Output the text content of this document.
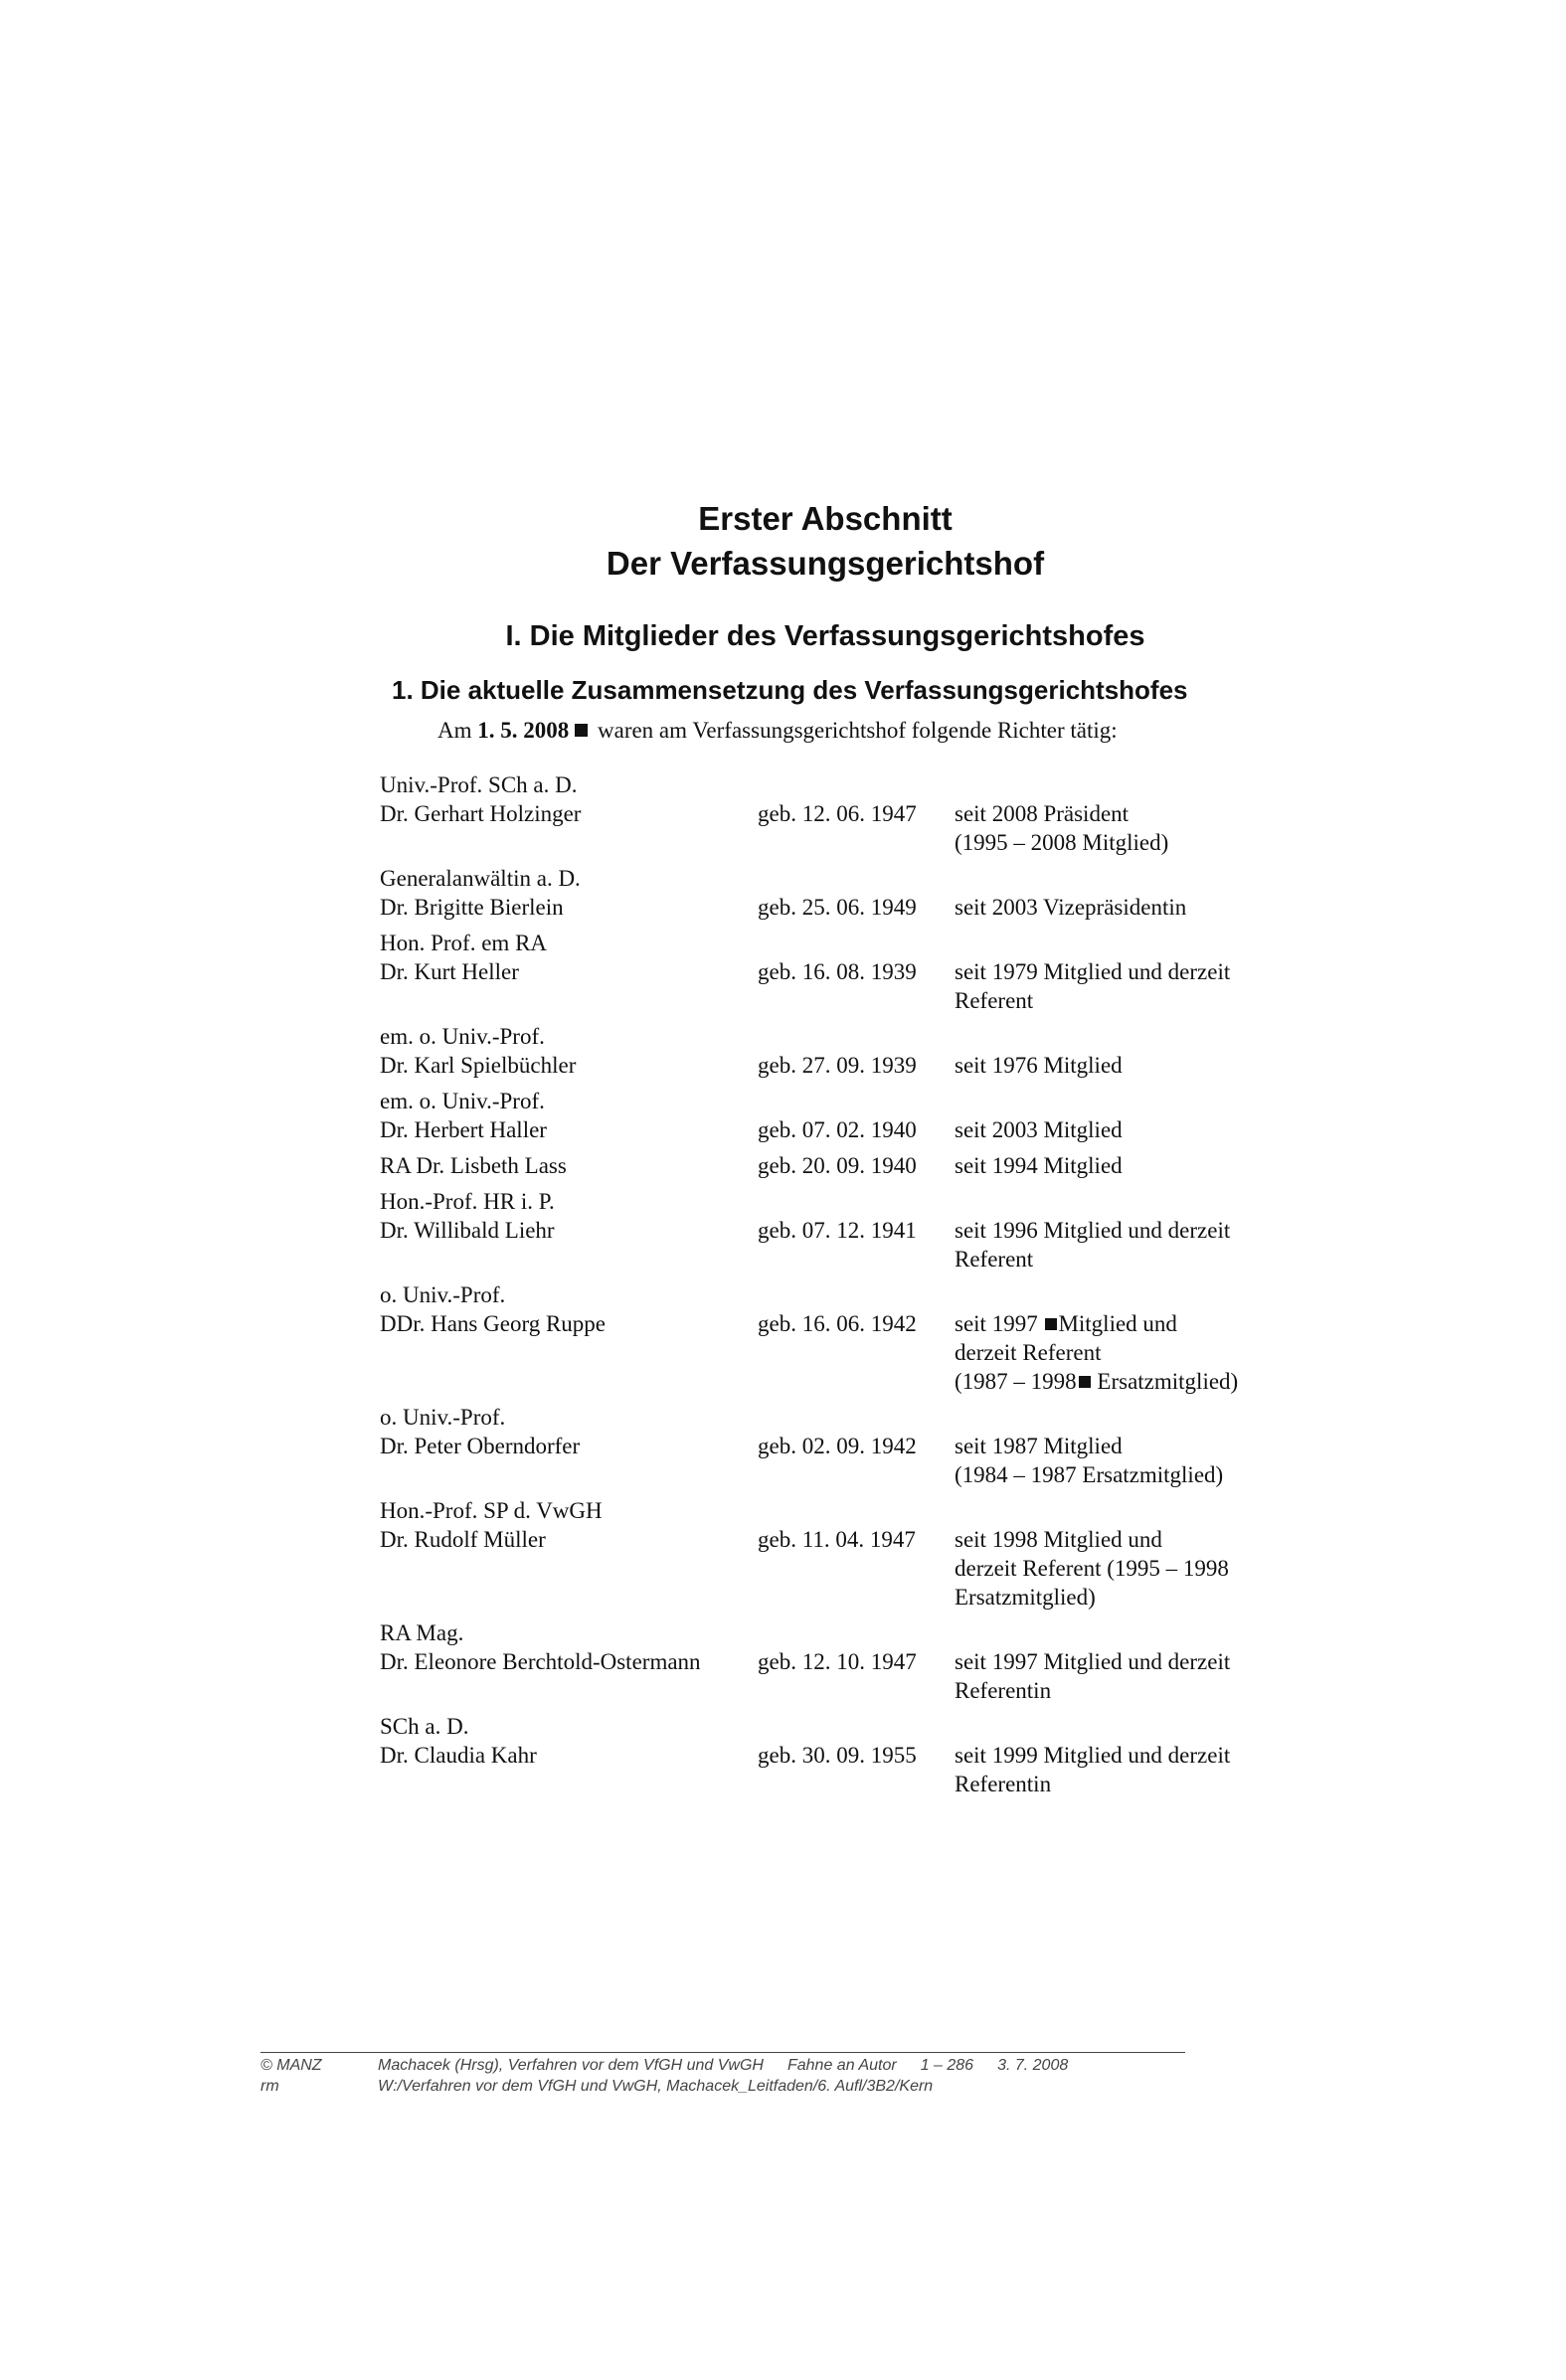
Erster Abschnitt
Der Verfassungsgerichtshof
I. Die Mitglieder des Verfassungsgerichtshofes
1. Die aktuelle Zusammensetzung des Verfassungsgerichtshofes
Am 1. 5. 2008 waren am Verfassungsgerichtshof folgende Richter tätig:
Univ.-Prof. SCh a. D.
Dr. Gerhart Holzinger	geb. 12. 06. 1947	seit 2008 Präsident
(1995 – 2008 Mitglied)
Generalanwältin a. D.
Dr. Brigitte Bierlein	geb. 25. 06. 1949	seit 2003 Vizepräsidentin
Hon. Prof. em RA
Dr. Kurt Heller	geb. 16. 08. 1939	seit 1979 Mitglied und derzeit
Referent
em. o. Univ.-Prof.
Dr. Karl Spielbüchler	geb. 27. 09. 1939	seit 1976 Mitglied
em. o. Univ.-Prof.
Dr. Herbert Haller	geb. 07. 02. 1940	seit 2003 Mitglied
RA Dr. Lisbeth Lass	geb. 20. 09. 1940	seit 1994 Mitglied
Hon.-Prof. HR i. P.
Dr. Willibald Liehr	geb. 07. 12. 1941	seit 1996 Mitglied und derzeit
Referent
o. Univ.-Prof.
DDr. Hans Georg Ruppe	geb. 16. 06. 1942	seit 1997 Mitglied und
derzeit Referent
(1987 – 1998 Ersatzmitglied)
o. Univ.-Prof.
Dr. Peter Oberndorfer	geb. 02. 09. 1942	seit 1987 Mitglied
(1984 – 1987 Ersatzmitglied)
Hon.-Prof. SP d. VwGH
Dr. Rudolf Müller	geb. 11. 04. 1947	seit 1998 Mitglied und
derzeit Referent (1995 – 1998
Ersatzmitglied)
RA Mag.
Dr. Eleonore Berchtold-Ostermann	geb. 12. 10. 1947	seit 1997 Mitglied und derzeit
Referentin
SCh a. D.
Dr. Claudia Kahr	geb. 30. 09. 1955	seit 1999 Mitglied und derzeit
Referentin
© MANZ
rm
Machacek (Hrsg), Verfahren vor dem VfGH und VwGH Fahne an Autor 1 – 286 3. 7. 2008
W:/Verfahren vor dem VfGH und VwGH, Machacek_Leitfaden/6. Aufl/3B2/Kern
